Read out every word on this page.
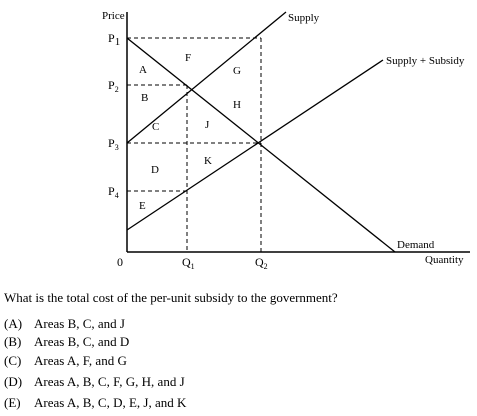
Price
Quantity
0
P1
$P_2$
$P_3$
$P_4$
$Q_1$	$Q_2$
Supply
Supply + Subsidy
Demand
A
B
C
D
E
F
G
H
J
K
What is the total cost of the per-unit subsidy to the government?
(A) Areas B, C, and J
(B) Areas B, C, and D
(C) Areas A, F, and G
(D) Areas A, B, C, F, G, H, and J
(E) Areas A, B, C, D, E, J, and K
